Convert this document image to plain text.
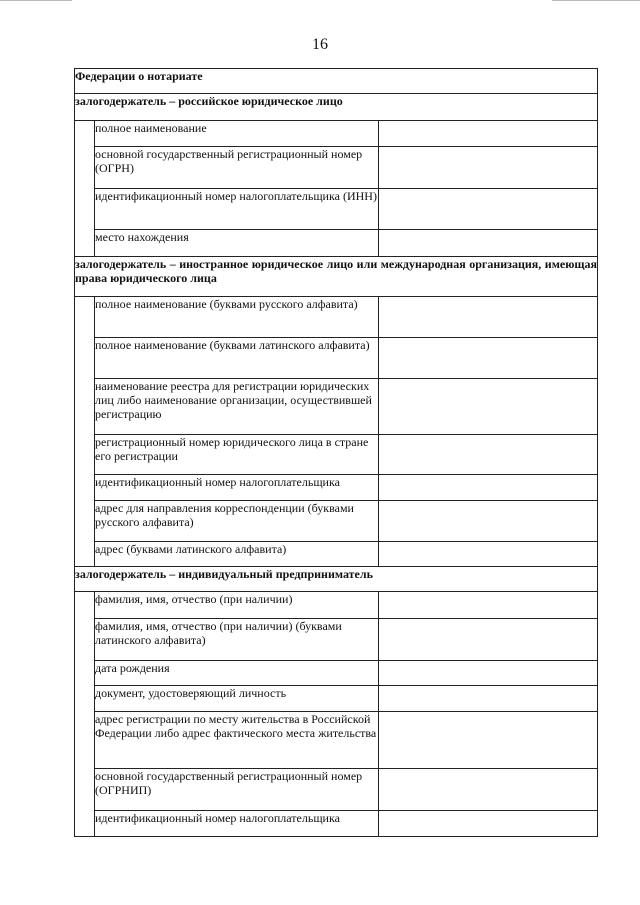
16
Федерации о нотариате		
залогодержатель – российское юридическое лицо		
	полное наименование	
	основной государственный регистрационный номер (ОГРН)	
	идентификационный номер налогоплательщика (ИНН)	
	место нахождения	
залогодержатель – иностранное юридическое лицо или международная организация, имеющая права юридического лица		
	полное наименование (буквами русского алфавита)	
	полное наименование (буквами латинского алфавита)	
	наименование реестра для регистрации юридических лиц либо наименование организации, осуществившей регистрацию	
	регистрационный номер юридического лица в стране его регистрации	
	идентификационный номер налогоплательщика	
	адрес для направления корреспонденции (буквами русского алфавита)	
	адрес (буквами латинского алфавита)	
залогодержатель – индивидуальный предприниматель		
	фамилия, имя, отчество (при наличии)	
	фамилия, имя, отчество (при наличии) (буквами латинского алфавита)	
	дата рождения	
	документ, удостоверяющий личность	
	адрес регистрации по месту жительства в Российской Федерации либо адрес фактического места жительства	
	основной государственный регистрационный номер (ОГРНИП)	
	идентификационный номер налогоплательщика	
